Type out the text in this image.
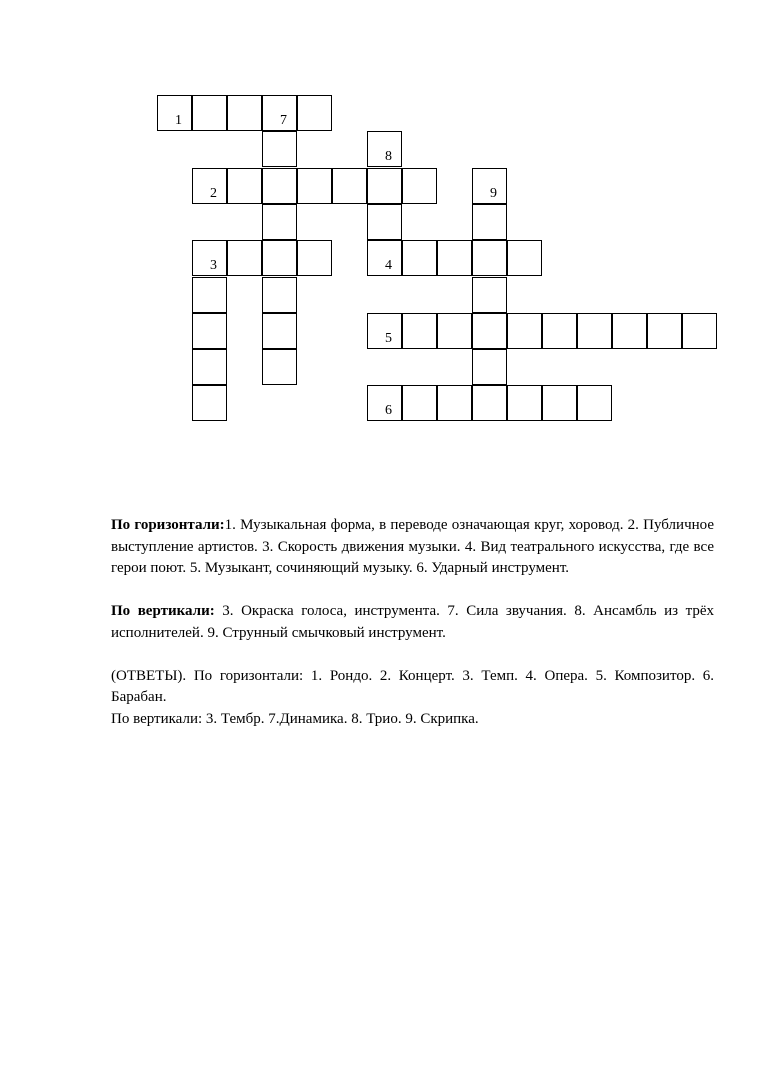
1	7
8
2	9
3	4
5
6

По горизонтали:1. Музыкальная форма, в переводе означающая круг, хоровод. 2. Публичное выступление артистов. 3. Скорость движения музыки. 4. Вид театрального искусства, где все герои поют. 5. Музыкант, сочиняющий музыку. 6. Ударный инструмент.

По вертикали: 3. Окраска голоса, инструмента. 7. Сила звучания. 8. Ансамбль из трёх исполнителей. 9. Струнный смычковый инструмент.

(ОТВЕТЫ). По горизонтали: 1. Рондо. 2. Концерт. 3. Темп. 4. Опера. 5. Композитор. 6. Барабан.

По вертикали: 3. Тембр. 7.Динамика. 8. Трио. 9. Скрипка.
